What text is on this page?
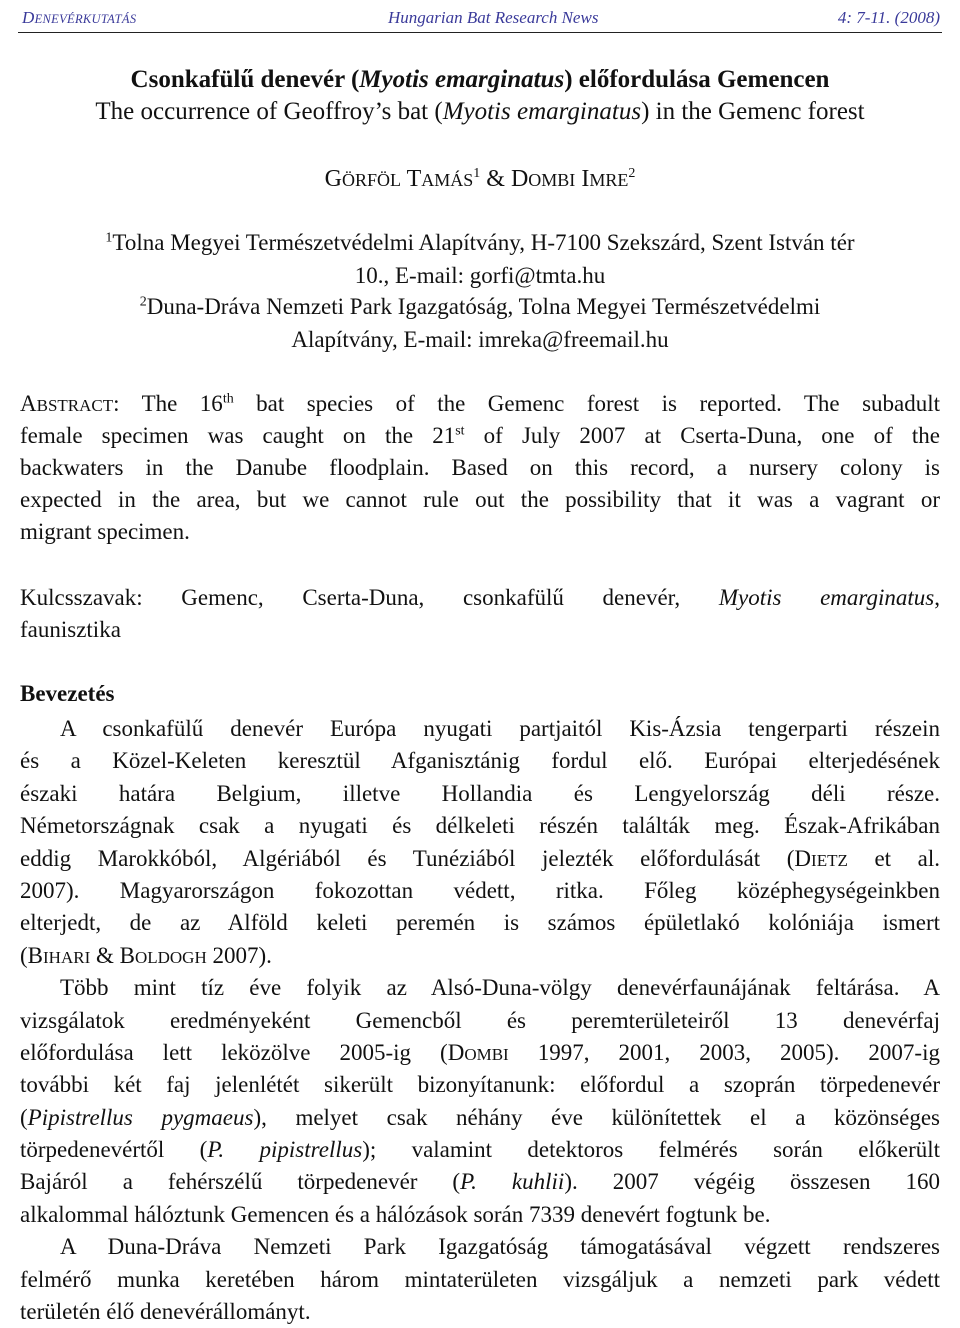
DENEVÉRKUTATÁS	Hungarian Bat Research News	4: 7-11. (2008)
Csonkafülű denevér (Myotis emarginatus) előfordulása Gemencen
The occurrence of Geoffroy’s bat (Myotis emarginatus) in the Gemenc forest
GÖRFÖL TAMÁS$^1$ & DOMBI IMRE$^2$
$^1$Tolna Megyei Természetvédelmi Alapítvány, H-7100 Szekszárd, Szent István tér
10., E-mail: gorfi@tmta.hu
$^2$Duna-Dráva Nemzeti Park Igazgatóság, Tolna Megyei Természetvédelmi
Alapítvány, E-mail: imreka@freemail.hu
ABSTRACT: The 16th bat species of the Gemenc forest is reported. The subadult
female specimen was caught on the 21st of July 2007 at Cserta-Duna, one of the
backwaters in the Danube floodplain. Based on this record, a nursery colony is
expected in the area, but we cannot rule out the possibility that it was a vagrant or
migrant specimen.
Kulcsszavak: Gemenc, Cserta-Duna, csonkafülű denevér, Myotis emarginatus,
faunisztika
Bevezetés
A csonkafülű denevér Európa nyugati partjaitól Kis-Ázsia tengerparti részein
és a Közel-Keleten keresztül Afganisztánig fordul elő. Európai elterjedésének
északi határa Belgium, illetve Hollandia és Lengyelország déli része.
Németországnak csak a nyugati és délkeleti részén találták meg. Észak-Afrikában
eddig Marokkóból, Algériából és Tunéziából jelezték előfordulását (DIETZ et al.
2007). Magyarországon fokozottan védett, ritka. Főleg középhegységeinkben
elterjedt, de az Alföld keleti peremén is számos épületlakó kolóniája ismert
(BIHARI & BOLDOGH 2007).
Több mint tíz éve folyik az Alsó-Duna-völgy denevérfaunájának feltárása. A
vizsgálatok eredményeként Gemencből és peremterületeiről 13 denevérfaj
előfordulása lett leközölve 2005-ig (DOMBI 1997, 2001, 2003, 2005). 2007-ig
további két faj jelenlétét sikerült bizonyítanunk: előfordul a szoprán törpedenevér
(Pipistrellus pygmaeus), melyet csak néhány éve különítettek el a közönséges
törpedenevértől (P. pipistrellus); valamint detektoros felmérés során előkerült
Bajáról a fehérszélű törpedenevér (P. kuhlii). 2007 végéig összesen 160
alkalommal hálóztunk Gemencen és a hálózások során 7339 denevért fogtunk be.
A Duna-Dráva Nemzeti Park Igazgatóság támogatásával végzett rendszeres
felmérő munka keretében három mintaterületen vizsgáljuk a nemzeti park védett
területén élő denevérállományt.
